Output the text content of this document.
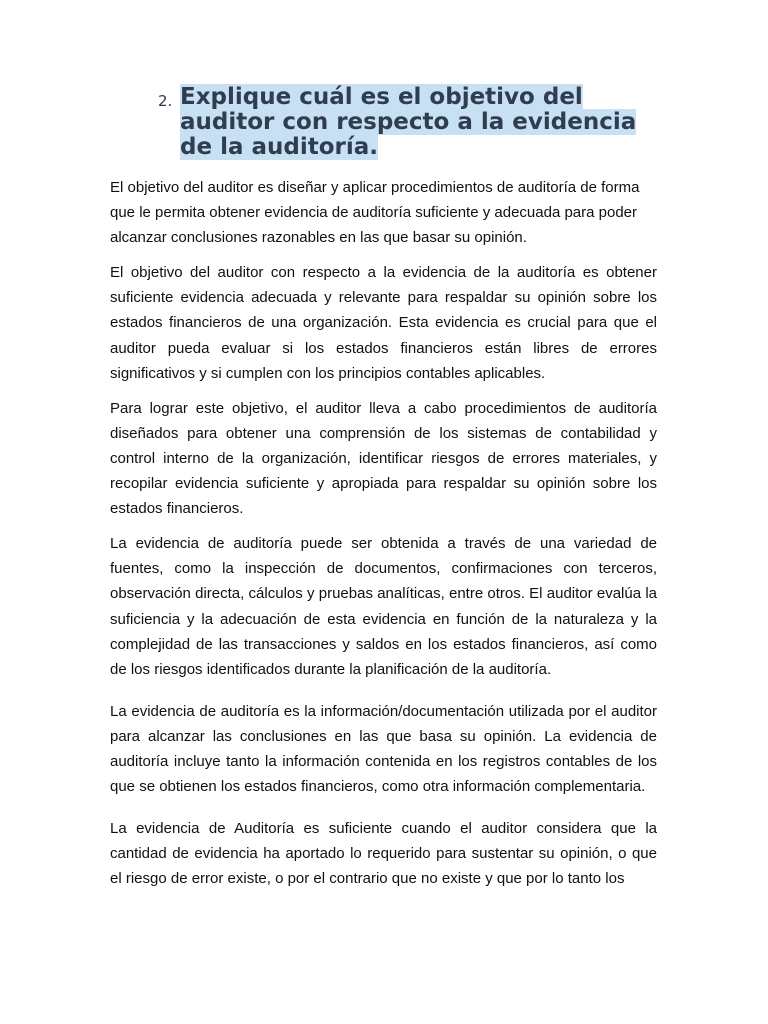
2. Explique cuál es el objetivo del auditor con respecto a la evidencia de la auditoría.

El objetivo del auditor es diseñar y aplicar procedimientos de auditoría de forma que le permita obtener evidencia de auditoría suficiente y adecuada para poder alcanzar conclusiones razonables en las que basar su opinión.

El objetivo del auditor con respecto a la evidencia de la auditoría es obtener suficiente evidencia adecuada y relevante para respaldar su opinión sobre los estados financieros de una organización. Esta evidencia es crucial para que el auditor pueda evaluar si los estados financieros están libres de errores significativos y si cumplen con los principios contables aplicables.

Para lograr este objetivo, el auditor lleva a cabo procedimientos de auditoría diseñados para obtener una comprensión de los sistemas de contabilidad y control interno de la organización, identificar riesgos de errores materiales, y recopilar evidencia suficiente y apropiada para respaldar su opinión sobre los estados financieros.

La evidencia de auditoría puede ser obtenida a través de una variedad de fuentes, como la inspección de documentos, confirmaciones con terceros, observación directa, cálculos y pruebas analíticas, entre otros. El auditor evalúa la suficiencia y la adecuación de esta evidencia en función de la naturaleza y la complejidad de las transacciones y saldos en los estados financieros, así como de los riesgos identificados durante la planificación de la auditoría.

La evidencia de auditoría es la información/documentación utilizada por el auditor para alcanzar las conclusiones en las que basa su opinión. La evidencia de auditoría incluye tanto la información contenida en los registros contables de los que se obtienen los estados financieros, como otra información complementaria.

La evidencia de Auditoría es suficiente cuando el auditor considera que la cantidad de evidencia ha aportado lo requerido para sustentar su opinión, o que el riesgo de error existe, o por el contrario que no existe y que por lo tanto los
